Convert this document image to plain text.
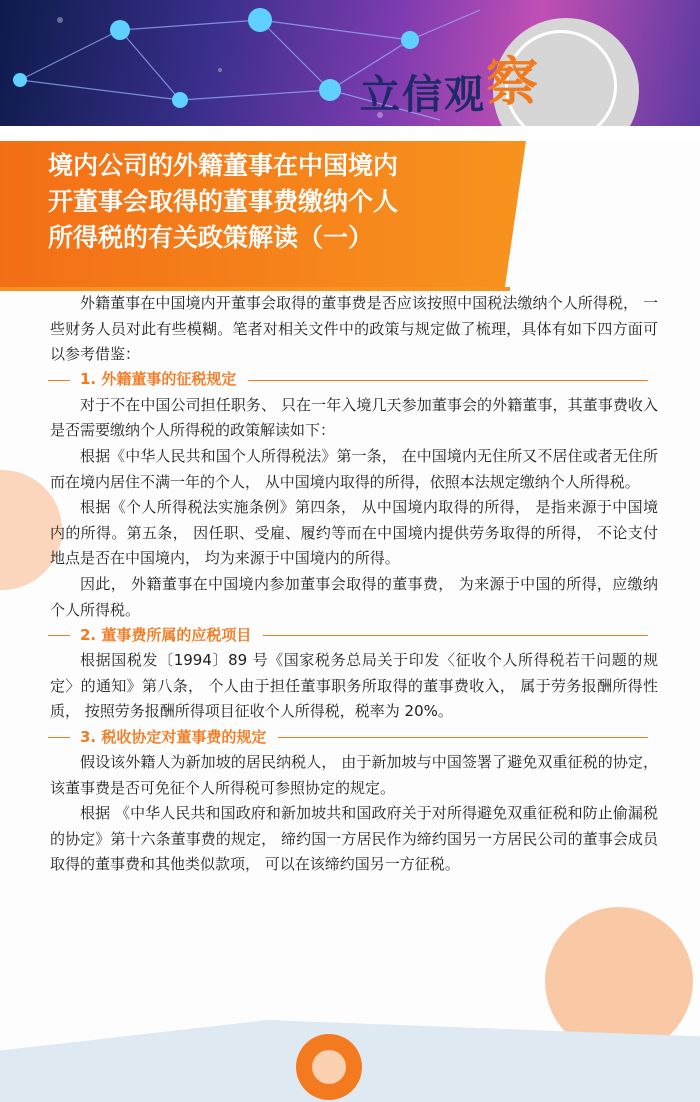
立信观察
境内公司的外籍董事在中国境内
开董事会取得的董事费缴纳个人
所得税的有关政策解读（一）

外籍董事在中国境内开董事会取得的董事费是否应该按照中国税法缴纳个人所得税， 一些财务人员对此有些模糊。笔者对相关文件中的政策与规定做了梳理，具体有如下四方面可以参考借鉴：

1. 外籍董事的征税规定

对于不在中国公司担任职务、 只在一年入境几天参加董事会的外籍董事，其董事费收入是否需要缴纳个人所得税的政策解读如下：

根据《中华人民共和国个人所得税法》第一条， 在中国境内无住所又不居住或者无住所而在境内居住不满一年的个人， 从中国境内取得的所得，依照本法规定缴纳个人所得税。

根据《个人所得税法实施条例》第四条， 从中国境内取得的所得， 是指来源于中国境内的所得。第五条， 因任职、受雇、履约等而在中国境内提供劳务取得的所得， 不论支付地点是否在中国境内， 均为来源于中国境内的所得。

因此， 外籍董事在中国境内参加董事会取得的董事费， 为来源于中国的所得，应缴纳个人所得税。

2. 董事费所属的应税项目

根据国税发〔1994〕89 号《国家税务总局关于印发〈征收个人所得税若干问题的规定〉的通知》第八条， 个人由于担任董事职务所取得的董事费收入， 属于劳务报酬所得性质， 按照劳务报酬所得项目征收个人所得税，税率为 20%。

3. 税收协定对董事费的规定

假设该外籍人为新加坡的居民纳税人， 由于新加坡与中国签署了避免双重征税的协定，该董事费是否可免征个人所得税可参照协定的规定。

根据 《中华人民共和国政府和新加坡共和国政府关于对所得避免双重征税和防止偷漏税的协定》第十六条董事费的规定， 缔约国一方居民作为缔约国另一方居民公司的董事会成员取得的董事费和其他类似款项， 可以在该缔约国另一方征税。
